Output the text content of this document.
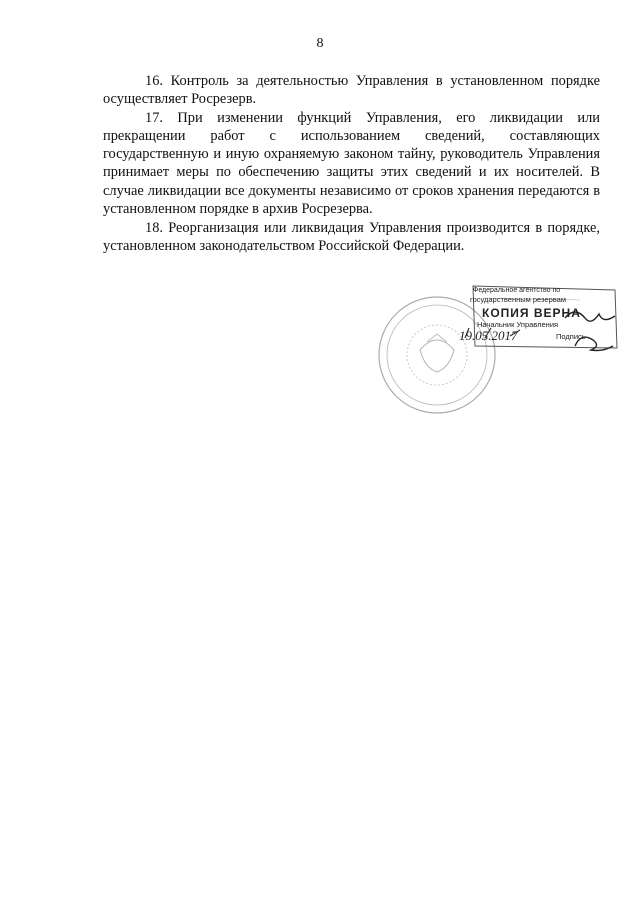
8

16. Контроль за деятельностью Управления в установленном порядке осуществляет Росрезерв.

17. При изменении функций Управления, его ликвидации или прекращении работ с использованием сведений, составляющих государственную и иную охраняемую законом тайну, руководитель Управления принимает меры по обеспечению защиты этих сведений и их носителей. В случае ликвидации все документы независимо от сроков хранения передаются в установленном порядке в архив Росрезерва.

18. Реорганизация или ликвидация Управления производится в порядке, установленном законодательством Российской Федерации.

Федеральное агентство по
государственным резервам
КОПИЯ ВЕРНА
Начальник Управления
19.05.2017	Подпись
